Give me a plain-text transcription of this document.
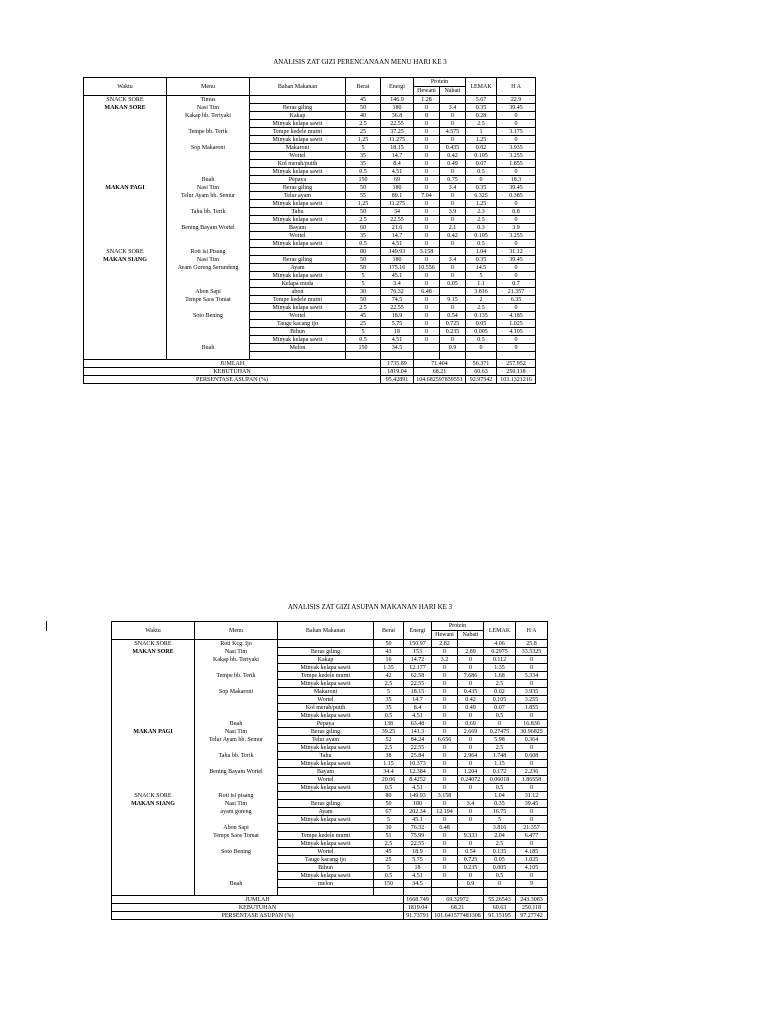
ANALISIS ZAT GIZI PERENCANAAN MENU HARI KE 3
Waktu	Menu	Bahan Makanan	Berat	Energi	Protein		LEMAK	H A
					Hewani	Nabati		
SNACK SORE	Timus		45	146.9	1.28		5.67	22.9
MAKAN SORE	Nasi Tim	Beras giling	50	180	0	3.4	0.35	39.45
	Kakap bb. Teriyaki	Kakap	40	36.8	8	0	0.28	0
		Minyak kelapa sawit	2.5	22.55	0	0	2.5	0
	Tempe bb. Terik	Tempe kedele murni	25	37.25	0	4.575	1	3.175
		Minyak kelapa sawit	1.25	11.275	0	0	1.25	0
	Sop Makaroni	Makaroni	5	18.15	0	0.435	0.02	3.935
		Wortel	35	14.7	0	0.42	0.105	3.255
		Kol merah/putih	35	8.4	0	0.49	0.07	1.855
		Minyak kelapa sawit	0.5	4.51	0	0	0.5	0
	Buah	Pepaya	150	69	0	0.75	0	18.3
MAKAN PAGI	Nasi Tim	Beras giling	50	180	0	3.4	0.35	39.45
	Telur Ayam bb. Semur	Telur ayam	55	89.1	7.04	0	6.325	0.385
		Minyak kelapa sawit	1.25	11.275	0	0	1.25	0
	Tahu bb. Terik	Tahu	50	34	0	3.9	2.3	0.8
		Minyak kelapa sawit	2.5	22.55	0	0	2.5	0
	Bening Bayam Wortel	Bayam	60	21.6	0	2.1	0.3	3.9
		Wortel	35	14.7	0	0.42	0.105	3.255
		Minyak kelapa sawit	0.5	4.51	0	0	0.5	0
SNACK SORE	Roti isi Pisang		80	149.93	3.158		1.04	31.12
MAKAN SIANG	Nasi Tim	Beras giling	50	180	0	3.4	0.35	39.45
	Ayam Goreng Serundeng	Ayam	58	175.16	10.556	0	14.5	0
		Minyak kelapa sawit	5	45.1	0	0	5	0
		Kelapa muda	5	3.4	0	0.05	1.1	0.7
	Abon Sapi	abon	30	76.32	6.48		3.816	21.357
	Tempe Saos Tomat	Tempe kedele murni	50	74.5	0	9.15	2	6.35
		Minyak kelapa sawit	2.5	22.55	0	0	2.5	0
	Soto Bening	Wortel	45	18.9	0	0.54	0.135	4.185
		Tauge kacang ijo	25	5.75	0	0.725	0.05	1.025
		Bihun	5	18	0	0.235	0.005	4.105
		Minyak kelapa sawit	0.5	4.51	0	0	0.5	0
	Buah	Melon	150	34.5		0.9	0	9

JUMLAH				1735.89	71.404		56.371	257.952
KEBUTUHAN				1819.04	68.21		60.63	250.118
PERSENTASE ASUPAN (%)				95.42891	104.682597859551		92.97542	103.1321216
ANALISIS ZAT GIZI ASUPAN MAKANAN HARI KE 3
Waktu	Menu	Bahan Makanan	Berat	Energi	Protein		LEMAK	H A
					Hewani	Nabati		
SNACK SORE	Roti Kcg. Ijo		50	150.97	2.82		4.06	25.8
MAKAN SORE	Nasi Tim	Beras giling	43	153	0	2.89	0.2975	33.5325
	Kakap bb. Teriyaki	Kakap	16	14.72	3.2	0	0.112	0
		Minyak kelapa sawit	1.35	12.177	0	0	1.35	0
	Tempe bb. Terik	Tempe kedele murni	42	62.58	0	7.686	1.68	5.334
		Minyak kelapa sawit	2.5	22.55	0	0	2.5	0
	Sop Makaroni	Makaroni	5	18.15	0	0.435	0.02	3.935
		Wortel	35	14.7	0	0.42	0.105	3.255
		Kol merah/putih	35	8.4	0	0.49	0.07	1.855
		Minyak kelapa sawit	0.5	4.51	0	0	0.5	0
	Buah	Pepaya	138	63.48	0	0.69	0	16.836
MAKAN PAGI	Nasi Tim	Beras giling	39.25	141.3	0	2.669	0.27475	30.96825
	Telur Ayam bb. Semur	Telur ayam	52	84.24	6.656	0	5.98	0.364
		Minyak kelapa sawit	2.5	22.55	0	0	2.5	0
	Tahu bb. Terik	Tahu	38	25.84	0	2.964	1.748	0.608
		Minyak kelapa sawit	1.15	10.373	0	0	1.15	0
	Bening Bayam Wortel	Bayam	34.4	12.384	0	1.204	0.172	2.236
		Wortel	20.06	8.4252	0	0.24072	0.06018	1.86558
		Minyak kelapa sawit	0.5	4.51	0	0	0.5	0
SNACK SORE	Roti isi pisang		80	149.93	3.158		1.04	31.12
MAKAN SIANG	Nasi Tim	Beras giling	50	180	0	3.4	0.35	39.45
	ayam goreng	Ayam	67	202.34	12.194	0	16.75	0
		Minyak kelapa sawit	5	45.1	0	0	5	0
	Abon Sapi		30	76.32	6.48		3.816	21.357
	Tempe Saos Tomat	Tempe kedele murni	51	75.99	0	9.333	2.04	6.477
		Minyak kelapa sawit	2.5	22.55	0	0	2.5	0
	Soto Bening	Wortel	45	18.9	0	0.54	0.135	4.185
		Tauge kacang ijo	25	5.75	0	0.725	0.05	1.025
		Bihun	5	18	0	0.235	0.005	4.105
		Minyak kelapa sawit	0.5	4.51	0	0	0.5	0
	Buah	melon	150	34.5		0.9	0	9

JUMLAH				1668.749	69.32972		55.26543	243.3083
KEBUTUHAN				1819.04	68.21		60.63	250.118
PERSENTASE ASUPAN (%)				91.73791	101.641577481308		91.15195	97.27742
